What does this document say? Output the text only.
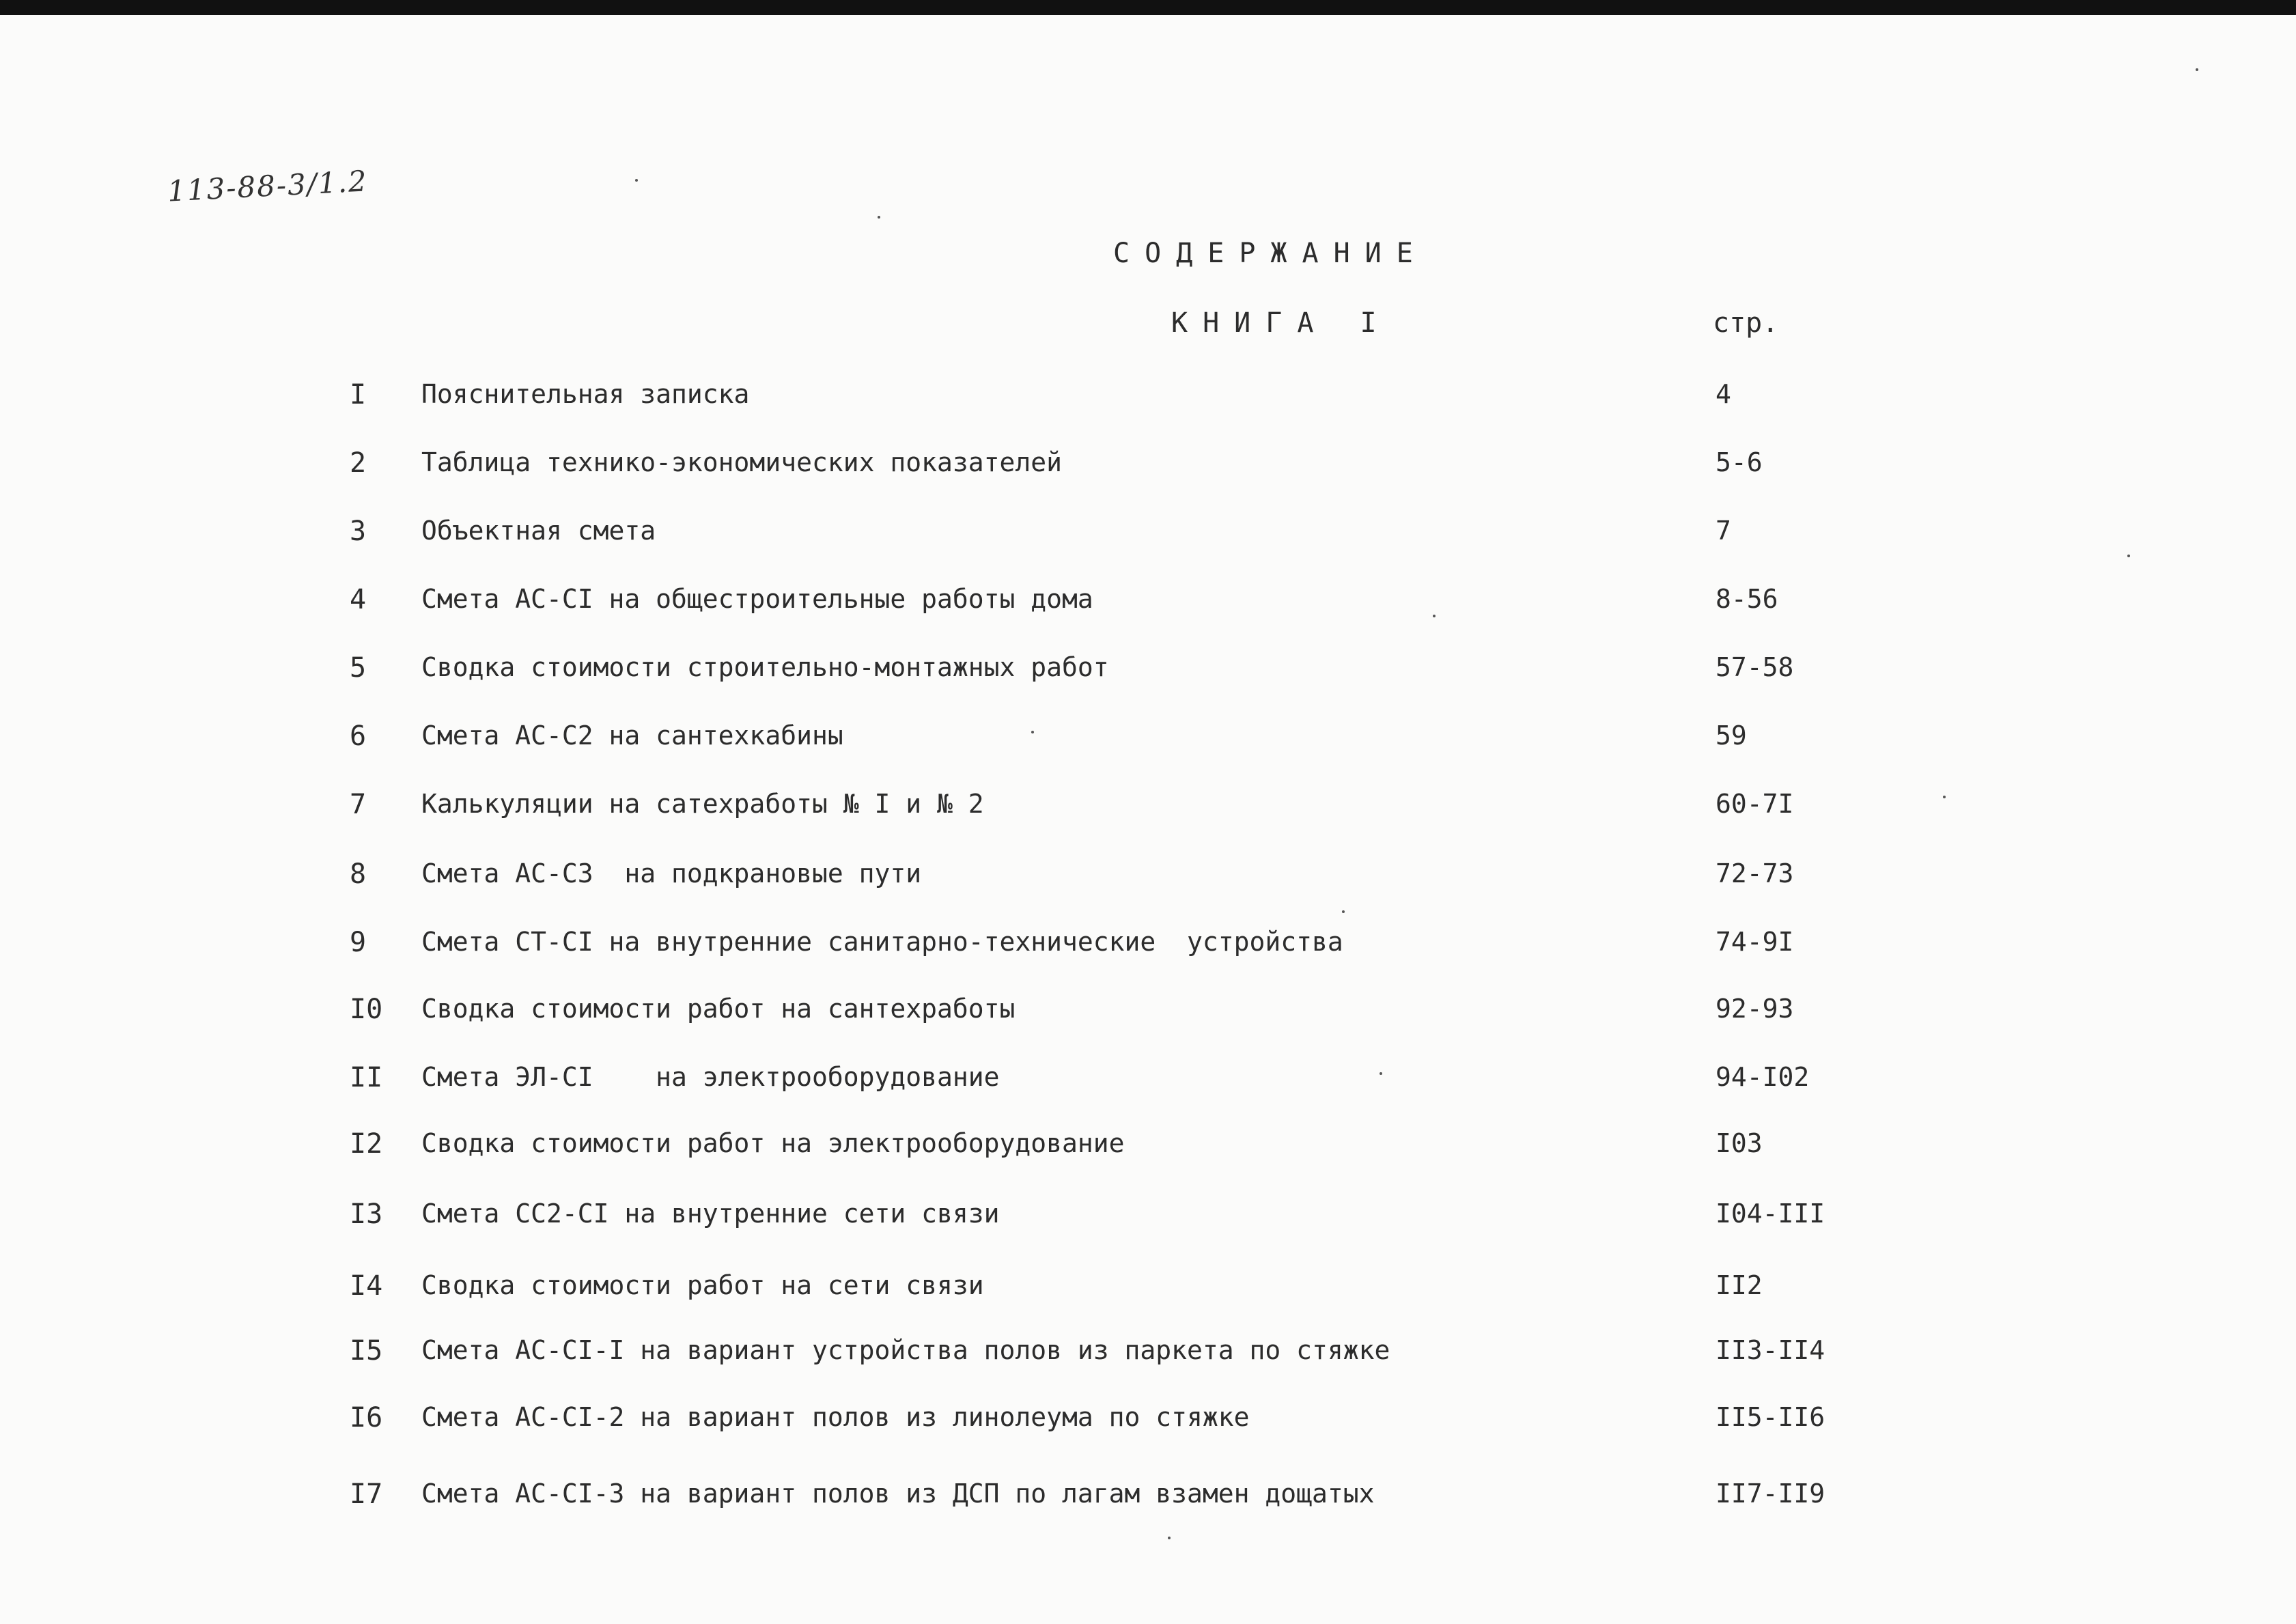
113-88-3/1.2
СОДЕРЖАНИЕ
КНИГА I	стр.
I Пояснительная записка	4
2 Таблица технико-экономических показателей	5-6
3 Объектная смета	7
4 Смета АС-СI на общестроительные работы дома	8-56
5 Сводка стоимости строительно-монтажных работ	57-58
6 Смета АС-С2 на сантехкабины	59
7 Калькуляции на сатехработы № I и № 2	60-7I
8 Смета АС-С3  на подкрановые пути	72-73
9 Смета СТ-СI на внутренние санитарно-технические  устройства	74-9I
I0 Сводка стоимости работ на сантехработы	92-93
II Смета ЭЛ-СI    на электрооборудование	94-I02
I2 Сводка стоимости работ на электрооборудование	I03
I3 Смета СС2-СI на внутренние сети связи	I04-III
I4 Сводка стоимости работ на сети связи	II2
I5 Смета АС-СI-I на вариант устройства полов из паркета по стяжке	II3-II4
I6 Смета АС-СI-2 на вариант полов из линолеума по стяжке	II5-II6
I7 Смета АС-СI-3 на вариант полов из ДСП по лагам взамен дощатых	II7-II9
